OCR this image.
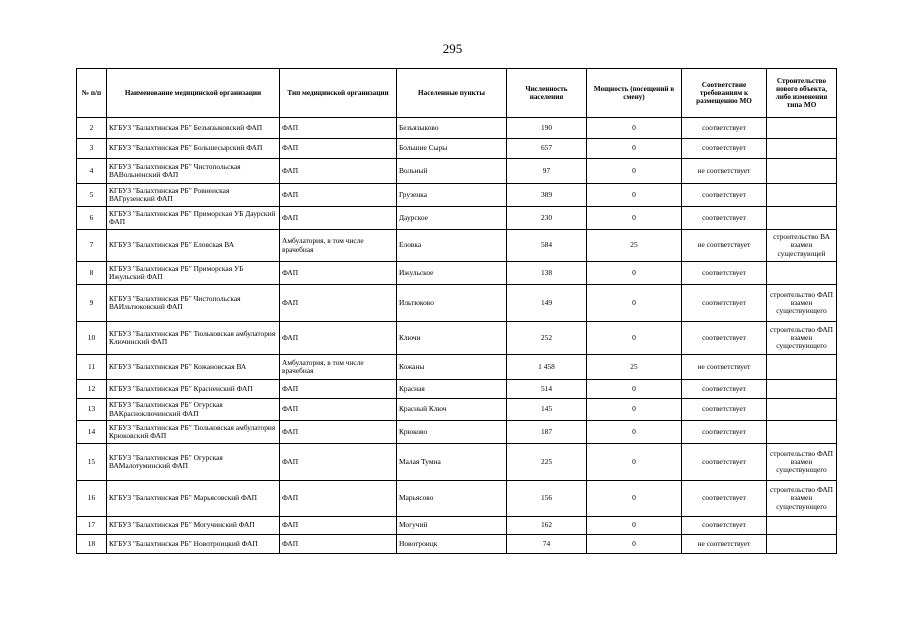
295
№ п/п	Наименование медицинской организации	Тип медицинской организации	Населенные пункты	Численность населения	Мощность (посещений в смену)	Соответствие требованиям к размещению МО	Строительство нового объекта, либо изменения типа МО
2	КГБУЗ "Балахтинская РБ" Безъязыковский ФАП	ФАП	Безъязыково	190	0	соответствует	
3	КГБУЗ "Балахтинская РБ" Большесырский ФАП	ФАП	Большие Сыры	657	0	соответствует	
4	КГБУЗ "Балахтинская РБ" Чистопольская ВАВольненский ФАП	ФАП	Вольный	97	0	не соответствует	
5	КГБУЗ "Балахтинская РБ" Ровненская ВАГрузенский ФАП	ФАП	Грузенка	389	0	соответствует	
6	КГБУЗ "Балахтинская РБ" Приморская УБ Даурский ФАП	ФАП	Даурское	230	0	соответствует	
7	КГБУЗ "Балахтинская РБ" Еловская ВА	Амбулатория, в том числе врачебная	Еловка	584	25	не соответствует	строительство ВА взамен существующей
8	КГБУЗ "Балахтинская РБ" Приморская УБ Ижульский ФАП	ФАП	Ижульское	138	0	соответствует	
9	КГБУЗ "Балахтинская РБ" Чистопольская ВАИльтюковский ФАП	ФАП	Ильтюково	149	0	соответствует	строительство ФАП взамен существующего
10	КГБУЗ "Балахтинская РБ" Тюльковская амбулатория Ключинский ФАП	ФАП	Ключи	252	0	соответствует	строительство ФАП взамен существующего
11	КГБУЗ "Балахтинская РБ" Кожановская ВА	Амбулатория, в том числе врачебная	Кожаны	1 458	25	не соответствует	
12	КГБУЗ "Балахтинская РБ" Красненский ФАП	ФАП	Красная	514	0	соответствует	
13	КГБУЗ "Балахтинская РБ" Огурская ВАКраснoключинский ФАП	ФАП	Красный Ключ	145	0	соответствует	
14	КГБУЗ "Балахтинская РБ" Тюльковская амбулатория Крюковский ФАП	ФАП	Крюково	187	0	соответствует	
15	КГБУЗ "Балахтинская РБ" Огурская ВАМалотуминский ФАП	ФАП	Малая Тумна	225	0	соответствует	строительство ФАП взамен существующего
16	КГБУЗ "Балахтинская РБ" Марьясовский ФАП	ФАП	Марьясово	156	0	соответствует	строительство ФАП взамен существующего
17	КГБУЗ "Балахтинская РБ" Могучинский ФАП	ФАП	Могучий	162	0	соответствует	
18	КГБУЗ "Балахтинская РБ" Новотроицкий ФАП	ФАП	Новотроицк	74	0	не соответствует	
